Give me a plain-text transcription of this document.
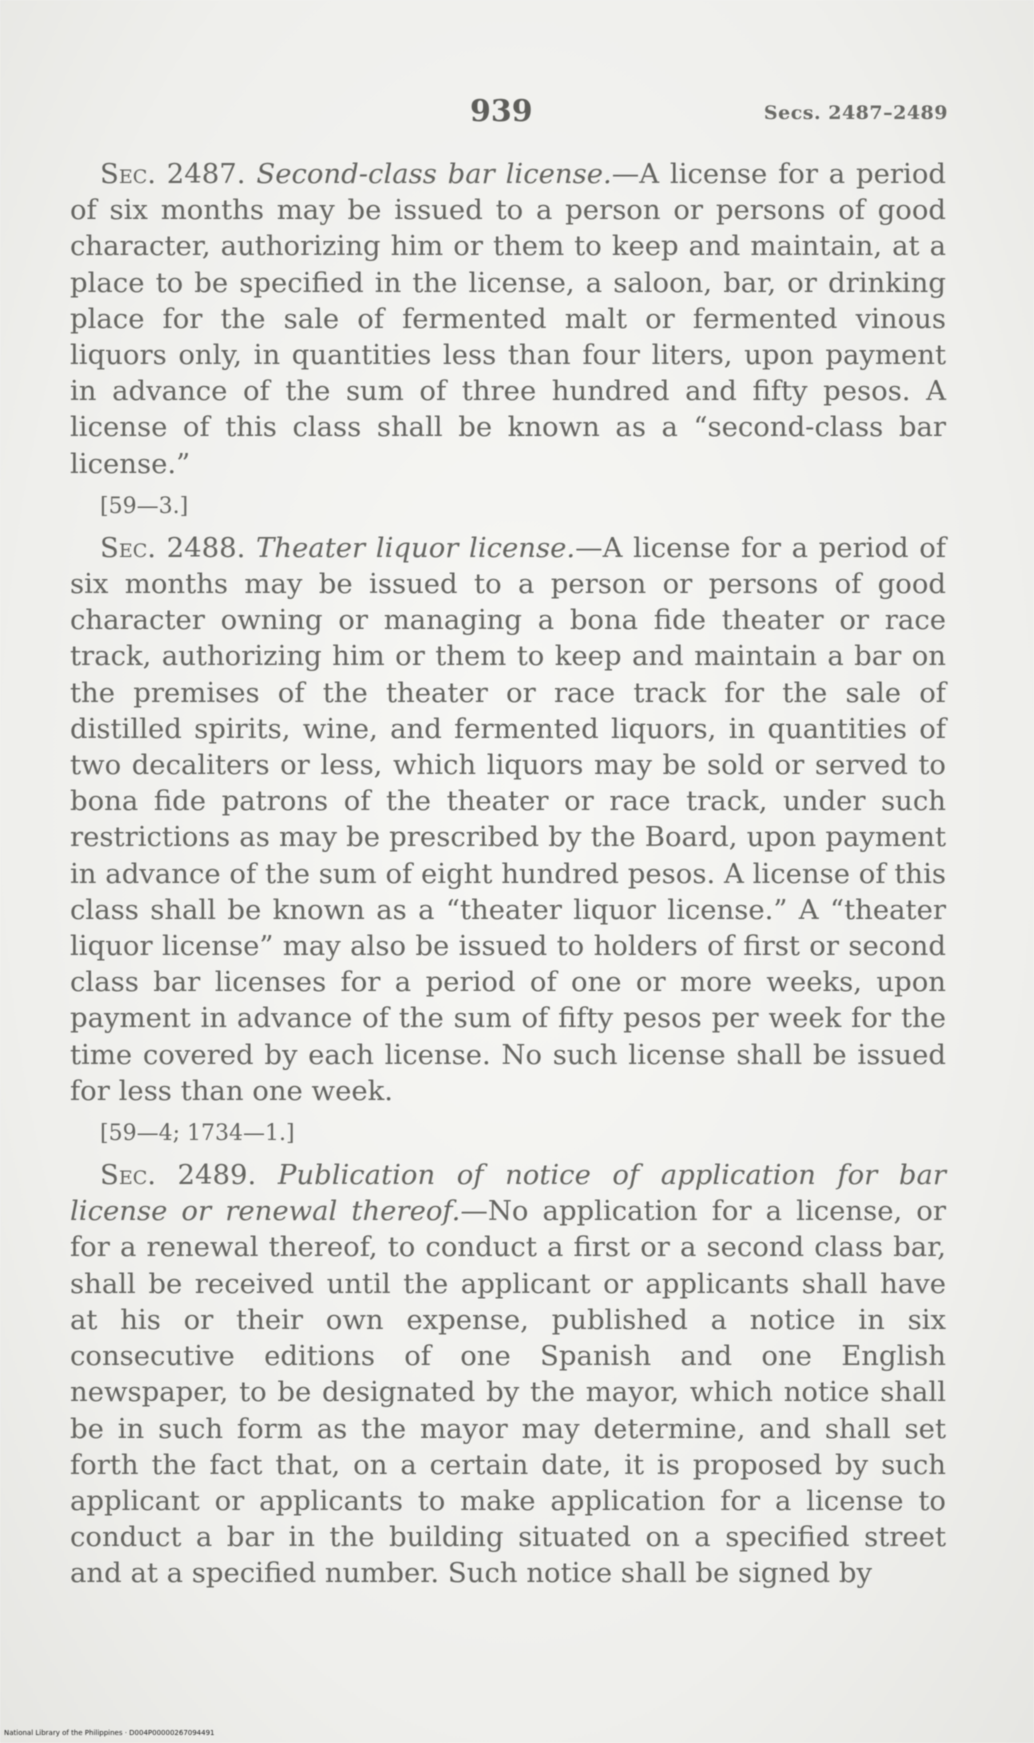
939	Secs. 2487–2489

Sec. 2487. Second-class bar license.—A license for a period of six months may be issued to a person or persons of good character, authorizing him or them to keep and maintain, at a place to be specified in the license, a saloon, bar, or drinking place for the sale of fermented malt or fermented vinous liquors only, in quantities less than four liters, upon payment in advance of the sum of three hundred and fifty pesos. A license of this class shall be known as a “second-class bar license.”

[59—3.]

Sec. 2488. Theater liquor license.—A license for a period of six months may be issued to a person or persons of good character owning or managing a bona fide theater or race track, authorizing him or them to keep and maintain a bar on the premises of the theater or race track for the sale of distilled spirits, wine, and fermented liquors, in quantities of two decaliters or less, which liquors may be sold or served to bona fide patrons of the theater or race track, under such restrictions as may be prescribed by the Board, upon payment in advance of the sum of eight hundred pesos. A license of this class shall be known as a “theater liquor license.” A “theater liquor license” may also be issued to holders of first or second class bar licenses for a period of one or more weeks, upon payment in advance of the sum of fifty pesos per week for the time covered by each license. No such license shall be issued for less than one week.

[59—4; 1734—1.]

Sec. 2489. Publication of notice of application for bar license or renewal thereof.—No application for a license, or for a renewal thereof, to conduct a first or a second class bar, shall be received until the applicant or applicants shall have at his or their own expense, published a notice in six consecutive editions of one Spanish and one English newspaper, to be designated by the mayor, which notice shall be in such form as the mayor may determine, and shall set forth the fact that, on a certain date, it is proposed by such applicant or applicants to make application for a license to conduct a bar in the building situated on a specified street and at a specified number. Such notice shall be signed by

National Library of the Philippines · D004P00000267094491
